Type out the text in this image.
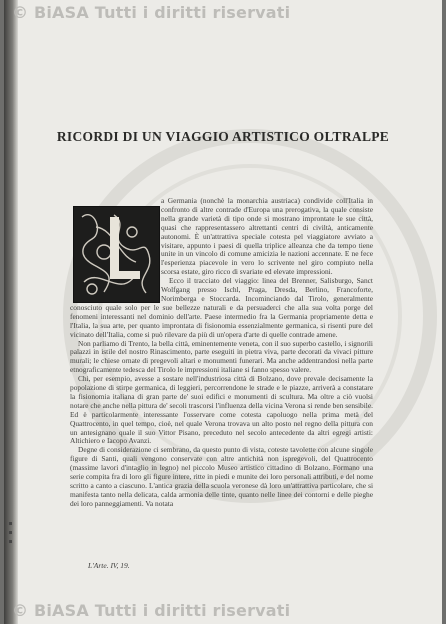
▪ ▪ ▪
© BiASA Tutti i diritti riservati
RICORDI DI UN VIAGGIO ARTISTICO OLTRALPE

a Germania (nonchè la monarchia austriaca) condivide coll'Italia in confronto di altre contrade d'Europa una prerogativa, la quale consiste nella grande varietà di tipo onde si mostrano improntate le sue città, quasi che rappresentassero altrettanti centri di civiltà, anticamente autonomi. È un'attrattiva speciale cotesta pel viaggiatore avviato a visitare, appunto i paesi di quella triplice alleanza che da tempo tiene unite in un vincolo di comune amicizia le nazioni accennate. E ne fece l'esperienza piacevole in vero lo scrivente nel giro compiuto nella scorsa estate, giro ricco di svariate ed elevate impressioni.

Ecco il tracciato del viaggio: linea del Brenner, Salisburgo, Sanct Wolfgang presso Ischl, Praga, Dresda, Berlino, Francoforte, Norimberga e Stoccarda. Incominciando dal Tirolo, generalmente conosciuto quale solo per le sue bellezze naturali e da persuaderci che alla sua volta porge del fenomeni interessanti nel dominio dell'arte. Paese intermedio fra la Germania propriamente detta e l'Italia, la sua arte, per quanto improntata di fisionomia essenzialmente germanica, si risenti pure del vicinato dell'Italia, come si può rilevare da più di un'opera d'arte di quelle contrade amene.

Non parliamo di Trento, la bella città, eminentemente veneta, con il suo superbo castello, i signorili palazzi in istile del nostro Rinascimento, parte eseguiti in pietra viva, parte decorati da vivaci pitture murali; le chiese ornate di pregevoli altari e monumenti funerari. Ma anche addentrandosi nella parte etnograficamente tedesca del Tirolo le impressioni italiane si fanno spesso valere.

Chi, per esempio, avesse a sostare nell'industriosa città di Bolzano, dove prevale decisamente la popolazione di stirpe germanica, di leggieri, percorrendone le strade e le piazze, arriverà a constatare la fisionomia italiana di gran parte de' suoi edifici e monumenti di scultura. Ma oltre a ciò vuolsi notare che anche nella pittura de' secoli trascorsi l'influenza della vicina Verona si rende ben sensibile. Ed è particolarmente interessante l'osservare come cotesta capoluogo nella prima metà del Quattrocento, in quel tempo, cioè, nel quale Verona trovava un alto posto nel regno della pittura con un antesignano quale il suo Vittor Pisano, preceduto nel secolo antecedente da altri egregi artisti: Altichiero e Iacopo Avanzi.

Degne di considerazione ci sembrano, da questo punto di vista, coteste tavolette con alcune singole figure di Santi, quali vengono conservate con altre antichità non ispregevoli, del Quattrocento (massime lavori d'intaglio in legno) nel piccolo Museo artistico cittadino di Bolzano. Formano una serie compita fra di loro gli figure intere, ritte in piedi e munite dei loro personali attributi, e del nome scritto a canto a ciascuno. L'antica grazia della scuola veronese dà loro un'attrattiva particolare, che si manifesta tanto nella delicata, calda armonia delle tinte, quanto nelle linee dei contorni e delle pieghe dei loro panneggiamenti. Va notata

L'Arte. IV, 19.
© BiASA Tutti i diritti riservati
